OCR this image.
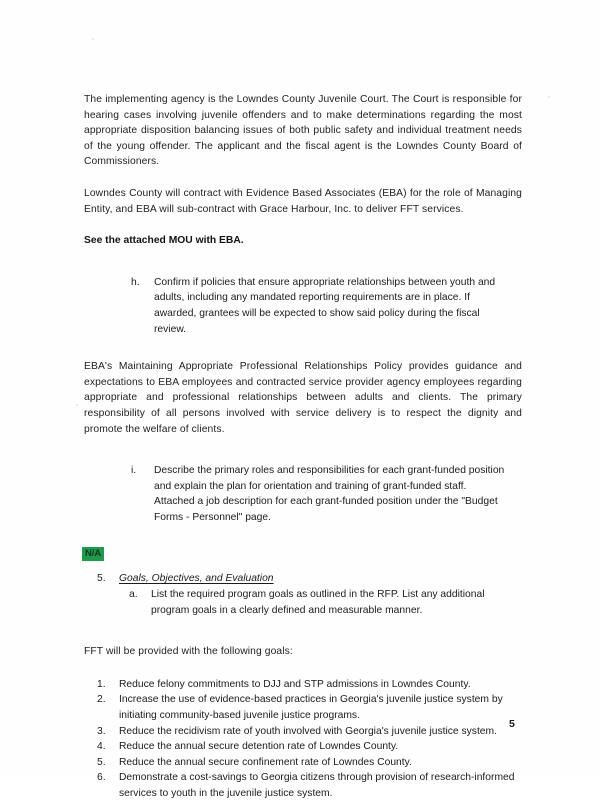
The implementing agency is the Lowndes County Juvenile Court. The Court is responsible for hearing cases involving juvenile offenders and to make determinations regarding the most appropriate disposition balancing issues of both public safety and individual treatment needs of the young offender. The applicant and the fiscal agent is the Lowndes County Board of Commissioners.

Lowndes County will contract with Evidence Based Associates (EBA) for the role of Managing Entity, and EBA will sub-contract with Grace Harbour, Inc. to deliver FFT services.

See the attached MOU with EBA.
h.	Confirm if policies that ensure appropriate relationships between youth and adults, including any mandated reporting requirements are in place. If awarded, grantees will be expected to show said policy during the fiscal review.

EBA's Maintaining Appropriate Professional Relationships Policy provides guidance and expectations to EBA employees and contracted service provider agency employees regarding appropriate and professional relationships between adults and clients. The primary responsibility of all persons involved with service delivery is to respect the dignity and promote the welfare of clients.

i.	Describe the primary roles and responsibilities for each grant-funded position and explain the plan for orientation and training of grant-funded staff. Attached a job description for each grant-funded position under the "Budget Forms - Personnel" page.
N/A
5.	Goals, Objectives, and Evaluation
a.	List the required program goals as outlined in the RFP. List any additional program goals in a clearly defined and measurable manner.

FFT will be provided with the following goals:

1.	Reduce felony commitments to DJJ and STP admissions in Lowndes County.
2.	Increase the use of evidence-based practices in Georgia's juvenile justice system by initiating community-based juvenile justice programs.
3.	Reduce the recidivism rate of youth involved with Georgia's juvenile justice system.
4.	Reduce the annual secure detention rate of Lowndes County.
5.	Reduce the annual secure confinement rate of Lowndes County.
6.	Demonstrate a cost-savings to Georgia citizens through provision of research-informed services to youth in the juvenile justice system.
5
